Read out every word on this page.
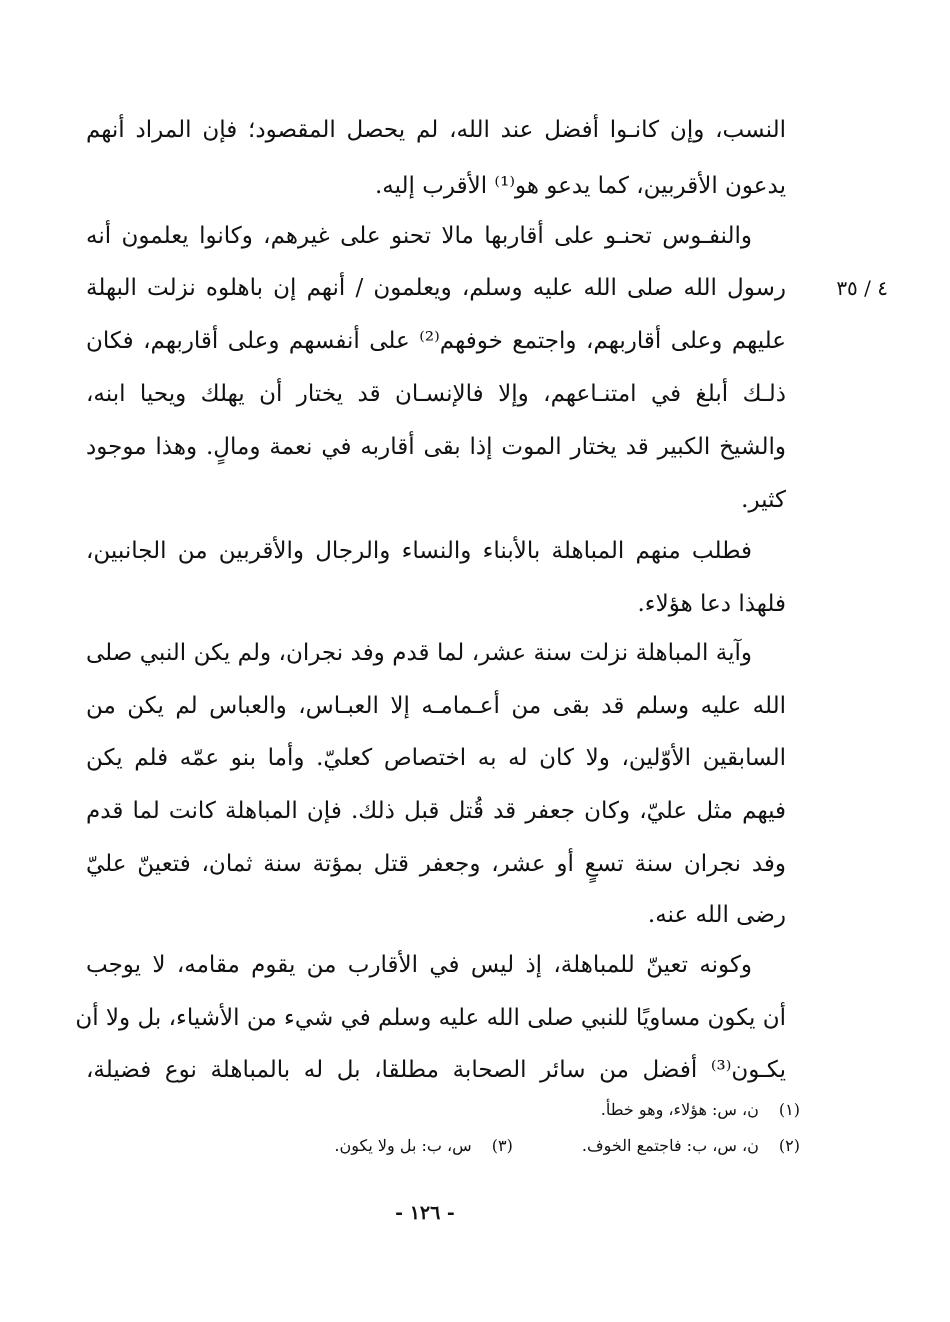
٤ / ٣٥
النسب، وإن كانـوا أفضل عند الله، لم يحصل المقصود؛ فإن المراد أنهم
يدعون الأقربين، كما يدعو هو⁽¹⁾ الأقرب إليه.
والنفـوس تحنـو على أقاربها مالا تحنو على غيرهم، وكانوا يعلمون أنه
رسول الله صلى الله عليه وسلم، ويعلمون / أنهم إن باهلوه نزلت البهلة
عليهم وعلى أقاربهم، واجتمع خوفهم⁽²⁾ على أنفسهم وعلى أقاربهم، فكان
ذلـك أبلغ في امتنـاعهم، وإلا فالإنسـان قد يختار أن يهلك ويحيا ابنه،
والشيخ الكبير قد يختار الموت إذا بقى أقاربه في نعمة ومالٍ. وهذا موجود
كثير.
فطلب منهم المباهلة بالأبناء والنساء والرجال والأقربين من الجانبين،
فلهذا دعا هؤلاء.
وآية المباهلة نزلت سنة عشر، لما قدم وفد نجران، ولم يكن النبي صلى
الله عليه وسلم قد بقى من أعـمامـه إلا العبـاس، والعباس لم يكن من
السابقين الأوّلين، ولا كان له به اختصاص كعليّ. وأما بنو عمّه فلم يكن
فيهم مثل عليّ، وكان جعفر قد قُتل قبل ذلك. فإن المباهلة كانت لما قدم
وفد نجران سنة تسعٍ أو عشر، وجعفر قتل بمؤتة سنة ثمان، فتعينّ عليّ
رضى الله عنه.
وكونه تعينّ للمباهلة، إذ ليس في الأقارب من يقوم مقامه، لا يوجب
أن يكون مساويًا للنبي صلى الله عليه وسلم في شيء من الأشياء، بل ولا أن
يكـون⁽³⁾ أفضل من سائر الصحابة مطلقا، بل له بالمباهلة نوع فضيلة،
(١)ن، س: هؤلاء، وهو خطأ.
(٢)ن، س، ب: فاجتمع الخوف. (٣)س، ب: بل ولا يكون.
- ١٢٦ -
